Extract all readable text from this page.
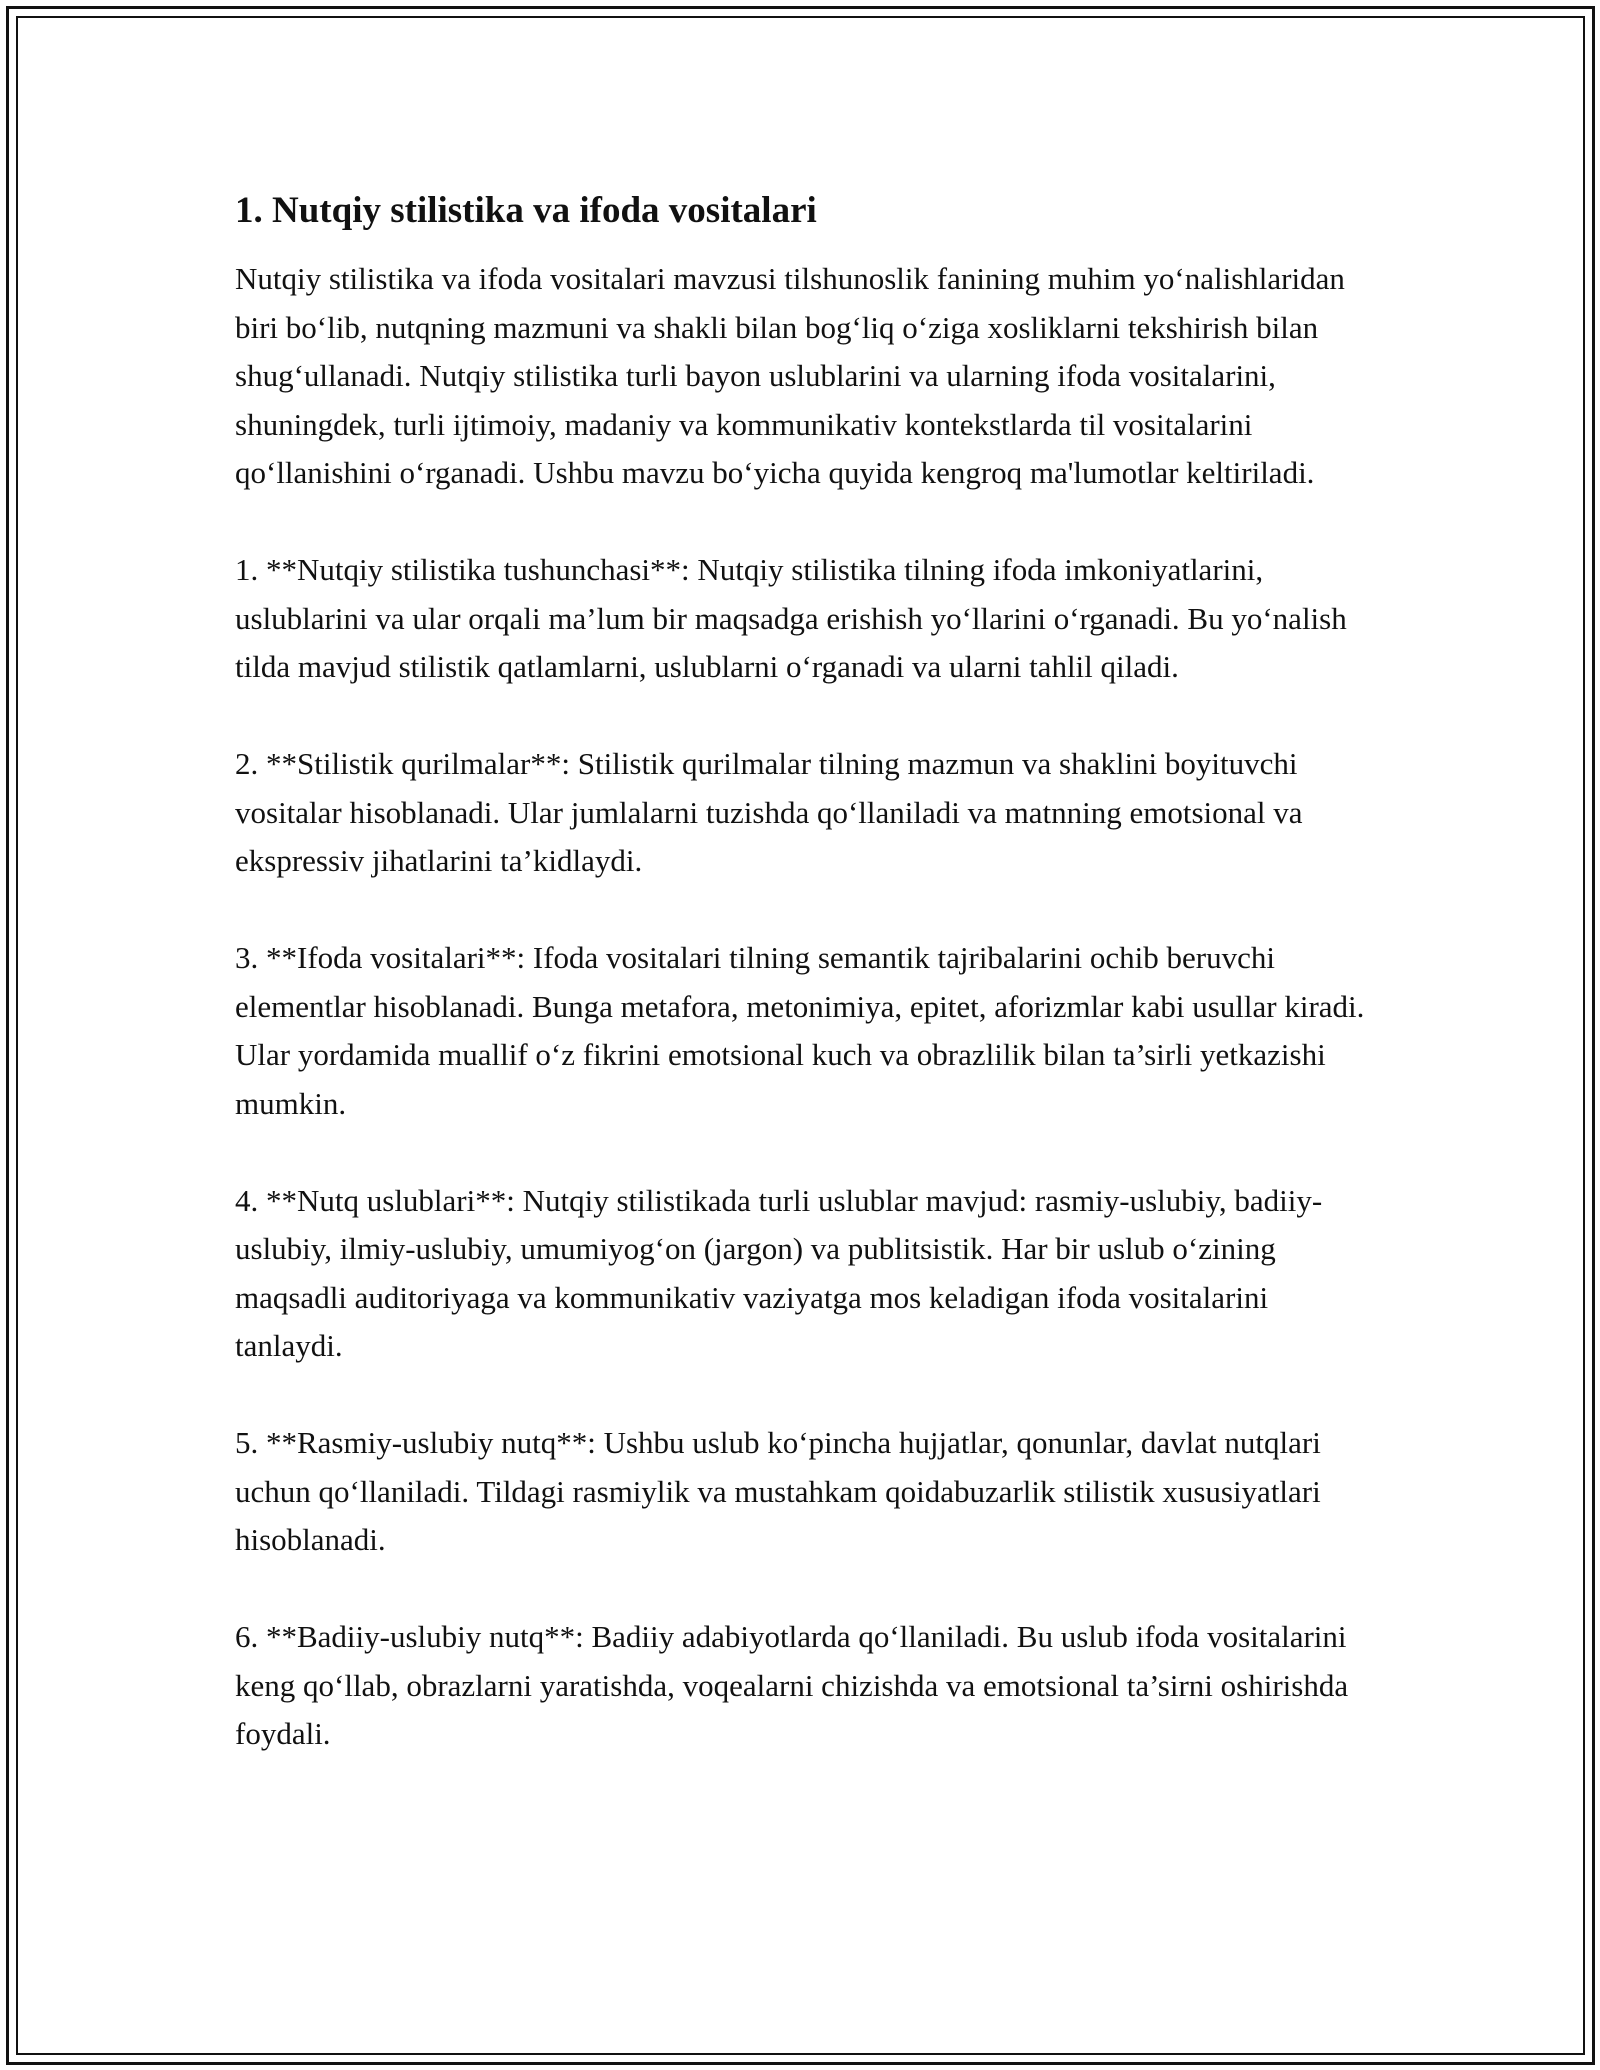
1. Nutqiy stilistika va ifoda vositalari

Nutqiy stilistika va ifoda vositalari mavzusi tilshunoslik fanining muhim yo‘nalishlaridan biri bo‘lib, nutqning mazmuni va shakli bilan bog‘liq o‘ziga xosliklarni tekshirish bilan shug‘ullanadi. Nutqiy stilistika turli bayon uslublarini va ularning ifoda vositalarini, shuningdek, turli ijtimoiy, madaniy va kommunikativ kontekstlarda til vositalarini qo‘llanishini o‘rganadi. Ushbu mavzu bo‘yicha quyida kengroq ma'lumotlar keltiriladi.

1. **Nutqiy stilistika tushunchasi**: Nutqiy stilistika tilning ifoda imkoniyatlarini, uslublarini va ular orqali ma’lum bir maqsadga erishish yo‘llarini o‘rganadi. Bu yo‘nalish tilda mavjud stilistik qatlamlarni, uslublarni o‘rganadi va ularni tahlil qiladi.

2. **Stilistik qurilmalar**: Stilistik qurilmalar tilning mazmun va shaklini boyituvchi vositalar hisoblanadi. Ular jumlalarni tuzishda qo‘llaniladi va matnning emotsional va ekspressiv jihatlarini ta’kidlaydi.

3. **Ifoda vositalari**: Ifoda vositalari tilning semantik tajribalarini ochib beruvchi elementlar hisoblanadi. Bunga metafora, metonimiya, epitet, aforizmlar kabi usullar kiradi. Ular yordamida muallif o‘z fikrini emotsional kuch va obrazlilik bilan ta’sirli yetkazishi mumkin.

4. **Nutq uslublari**: Nutqiy stilistikada turli uslublar mavjud: rasmiy-uslubiy, badiiy-uslubiy, ilmiy-uslubiy, umumiyog‘on (jargon) va publitsistik. Har bir uslub o‘zining maqsadli auditoriyaga va kommunikativ vaziyatga mos keladigan ifoda vositalarini tanlaydi.

5. **Rasmiy-uslubiy nutq**: Ushbu uslub ko‘pincha hujjatlar, qonunlar, davlat nutqlari uchun qo‘llaniladi. Tildagi rasmiylik va mustahkam qoidabuzarlik stilistik xususiyatlari hisoblanadi.

6. **Badiiy-uslubiy nutq**: Badiiy adabiyotlarda qo‘llaniladi. Bu uslub ifoda vositalarini keng qo‘llab, obrazlarni yaratishda, voqealarni chizishda va emotsional ta’sirni oshirishda foydali.
